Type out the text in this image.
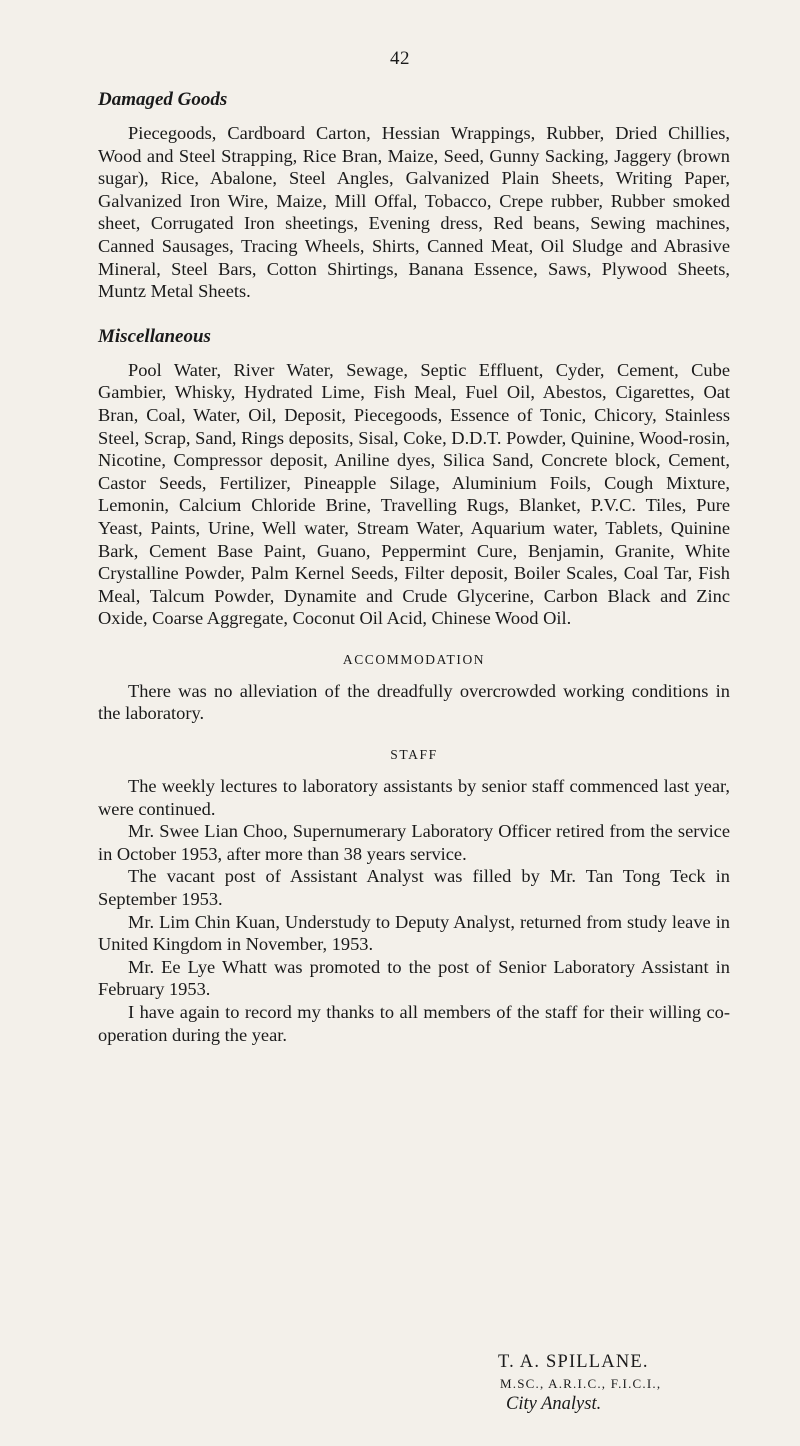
42
Damaged Goods

Piecegoods, Cardboard Carton, Hessian Wrappings, Rubber, Dried Chillies, Wood and Steel Strapping, Rice Bran, Maize, Seed, Gunny Sacking, Jaggery (brown sugar), Rice, Abalone, Steel Angles, Galvanized Plain Sheets, Writing Paper, Galvanized Iron Wire, Maize, Mill Offal, Tobacco, Crepe rubber, Rubber smoked sheet, Corrugated Iron sheetings, Evening dress, Red beans, Sewing machines, Canned Sausages, Tracing Wheels, Shirts, Canned Meat, Oil Sludge and Abrasive Mineral, Steel Bars, Cotton Shirtings, Banana Essence, Saws, Plywood Sheets, Muntz Metal Sheets.

Miscellaneous

Pool Water, River Water, Sewage, Septic Effluent, Cyder, Cement, Cube Gambier, Whisky, Hydrated Lime, Fish Meal, Fuel Oil, Abestos, Cigarettes, Oat Bran, Coal, Water, Oil, Deposit, Piecegoods, Essence of Tonic, Chicory, Stainless Steel, Scrap, Sand, Rings deposits, Sisal, Coke, D.D.T. Powder, Quinine, Wood-rosin, Nicotine, Compressor deposit, Aniline dyes, Silica Sand, Concrete block, Cement, Castor Seeds, Fertilizer, Pineapple Silage, Aluminium Foils, Cough Mixture, Lemonin, Calcium Chloride Brine, Travelling Rugs, Blanket, P.V.C. Tiles, Pure Yeast, Paints, Urine, Well water, Stream Water, Aquarium water, Tablets, Quinine Bark, Cement Base Paint, Guano, Peppermint Cure, Benjamin, Granite, White Crystalline Powder, Palm Kernel Seeds, Filter deposit, Boiler Scales, Coal Tar, Fish Meal, Talcum Powder, Dynamite and Crude Glycerine, Carbon Black and Zinc Oxide, Coarse Aggregate, Coconut Oil Acid, Chinese Wood Oil.

ACCOMMODATION

There was no alleviation of the dreadfully overcrowded working conditions in the laboratory.

STAFF

The weekly lectures to laboratory assistants by senior staff commenced last year, were continued.

Mr. Swee Lian Choo, Supernumerary Laboratory Officer retired from the service in October 1953, after more than 38 years service.

The vacant post of Assistant Analyst was filled by Mr. Tan Tong Teck in September 1953.

Mr. Lim Chin Kuan, Understudy to Deputy Analyst, returned from study leave in United Kingdom in November, 1953.

Mr. Ee Lye Whatt was promoted to the post of Senior Laboratory Assistant in February 1953.

I have again to record my thanks to all members of the staff for their willing co-operation during the year.

T. A. SPILLANE.
M.SC., A.R.I.C., F.I.C.I.,
City Analyst.
